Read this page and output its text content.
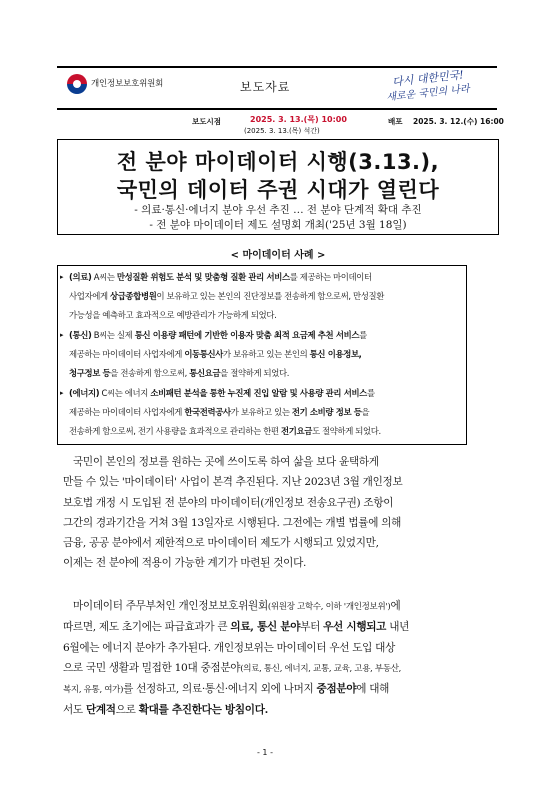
개인정보보호위원회	보도자료	다시 대한민국!
새로운 국민의 나라
보도시점	2025. 3. 13.(목) 10:00
(2025. 3. 13.(목) 석간)
배포 2025. 3. 12.(수) 16:00
전 분야 마이데이터 시행(3.13.),
국민의 데이터 주권 시대가 열린다
- 의료·통신·에너지 분야 우선 추진 … 전 분야 단계적 확대 추진
- 전 분야 마이데이터 제도 설명회 개최('25년 3월 18일)
< 마이데이터 사례 >
▸ (의료) A씨는 만성질환 위험도 분석 및 맞춤형 질환 관리 서비스를 제공하는 마이데이터
사업자에게 상급종합병원이 보유하고 있는 본인의 진단정보를 전송하게 함으로써, 만성질환
가능성을 예측하고 효과적으로 예방관리가 가능하게 되었다.
▸ (통신) B씨는 실제 통신 이용량 패턴에 기반한 이용자 맞춤 최적 요금제 추천 서비스를
제공하는 마이데이터 사업자에게 이동통신사가 보유하고 있는 본인의 통신 이용정보,
청구정보 등을 전송하게 함으로써, 통신요금을 절약하게 되었다.
▸ (에너지) C씨는 에너지 소비패턴 분석을 통한 누진제 진입 알람 및 사용량 관리 서비스를
제공하는 마이데이터 사업자에게 한국전력공사가 보유하고 있는 전기 소비량 정보 등을
전송하게 함으로써, 전기 사용량을 효과적으로 관리하는 한편 전기요금도 절약하게 되었다.
국민이 본인의 정보를 원하는 곳에 쓰이도록 하여 삶을 보다 윤택하게
만들 수 있는 '마이데이터' 사업이 본격 추진된다. 지난 2023년 3월 개인정보
보호법 개정 시 도입된 전 분야의 마이데이터(개인정보 전송요구권) 조항이
그간의 경과기간을 거쳐 3월 13일자로 시행된다. 그전에는 개별 법률에 의해
금융, 공공 분야에서 제한적으로 마이데이터 제도가 시행되고 있었지만,
이제는 전 분야에 적용이 가능한 계기가 마련된 것이다.
마이데이터 주무부처인 개인정보보호위원회(위원장 고학수, 이하 '개인정보위')에
따르면, 제도 초기에는 파급효과가 큰 의료, 통신 분야부터 우선 시행되고 내년
6월에는 에너지 분야가 추가된다. 개인정보위는 마이데이터 우선 도입 대상
으로 국민 생활과 밀접한 10대 중점분야(의료, 통신, 에너지, 교통, 교육, 고용, 부동산,
복지, 유통, 여가)를 선정하고, 의료·통신·에너지 외에 나머지 중점분야에 대해
서도 단계적으로 확대를 추진한다는 방침이다.
- 1 -
